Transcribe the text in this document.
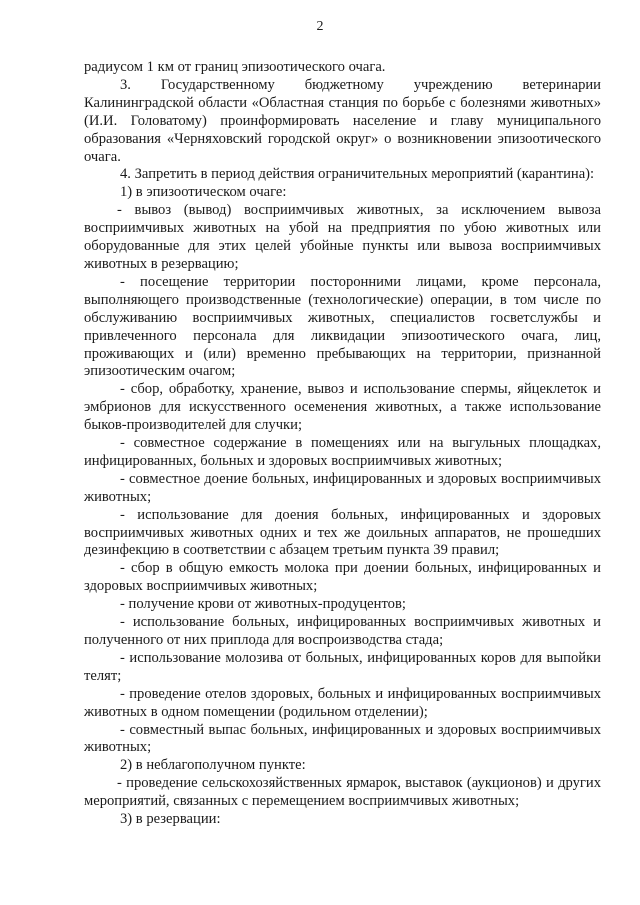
2

радиусом 1 км от границ эпизоотического очага.

3. Государственному бюджетному учреждению ветеринарии Калининградской области «Областная станция по борьбе с болезнями животных» (И.И. Головатому) проинформировать население и главу муниципального образования «Черняховский городской округ» о возникновении эпизоотического очага.

4. Запретить в период действия ограничительных мероприятий (карантина):

1) в эпизоотическом очаге:

- вывоз (вывод) восприимчивых животных, за исключением вывоза восприимчивых животных на убой на предприятия по убою животных или оборудованные для этих целей убойные пункты или вывоза восприимчивых животных в резервацию;

- посещение территории посторонними лицами, кроме персонала, выполняющего производственные (технологические) операции, в том числе по обслуживанию восприимчивых животных, специалистов госветслужбы и привлеченного персонала для ликвидации эпизоотического очага, лиц, проживающих и (или) временно пребывающих на территории, признанной эпизоотическим очагом;

- сбор, обработку, хранение, вывоз и использование спермы, яйцеклеток и эмбрионов для искусственного осеменения животных, а также использование быков-производителей для случки;

- совместное содержание в помещениях или на выгульных площадках, инфицированных, больных и здоровых восприимчивых животных;

- совместное доение больных, инфицированных и здоровых восприимчивых животных;

- использование для доения больных, инфицированных и здоровых восприимчивых животных одних и тех же доильных аппаратов, не прошедших дезинфекцию в соответствии с абзацем третьим пункта 39 правил;

- сбор в общую емкость молока при доении больных, инфицированных и здоровых восприимчивых животных;

- получение крови от животных-продуцентов;

- использование больных, инфицированных восприимчивых животных и полученного от них приплода для воспроизводства стада;

- использование молозива от больных, инфицированных коров для выпойки телят;

- проведение отелов здоровых, больных и инфицированных восприимчивых животных в одном помещении (родильном отделении);

- совместный выпас больных, инфицированных и здоровых восприимчивых животных;

2) в неблагополучном пункте:

- проведение сельскохозяйственных ярмарок, выставок (аукционов) и других мероприятий, связанных с перемещением восприимчивых животных;

3) в резервации:
